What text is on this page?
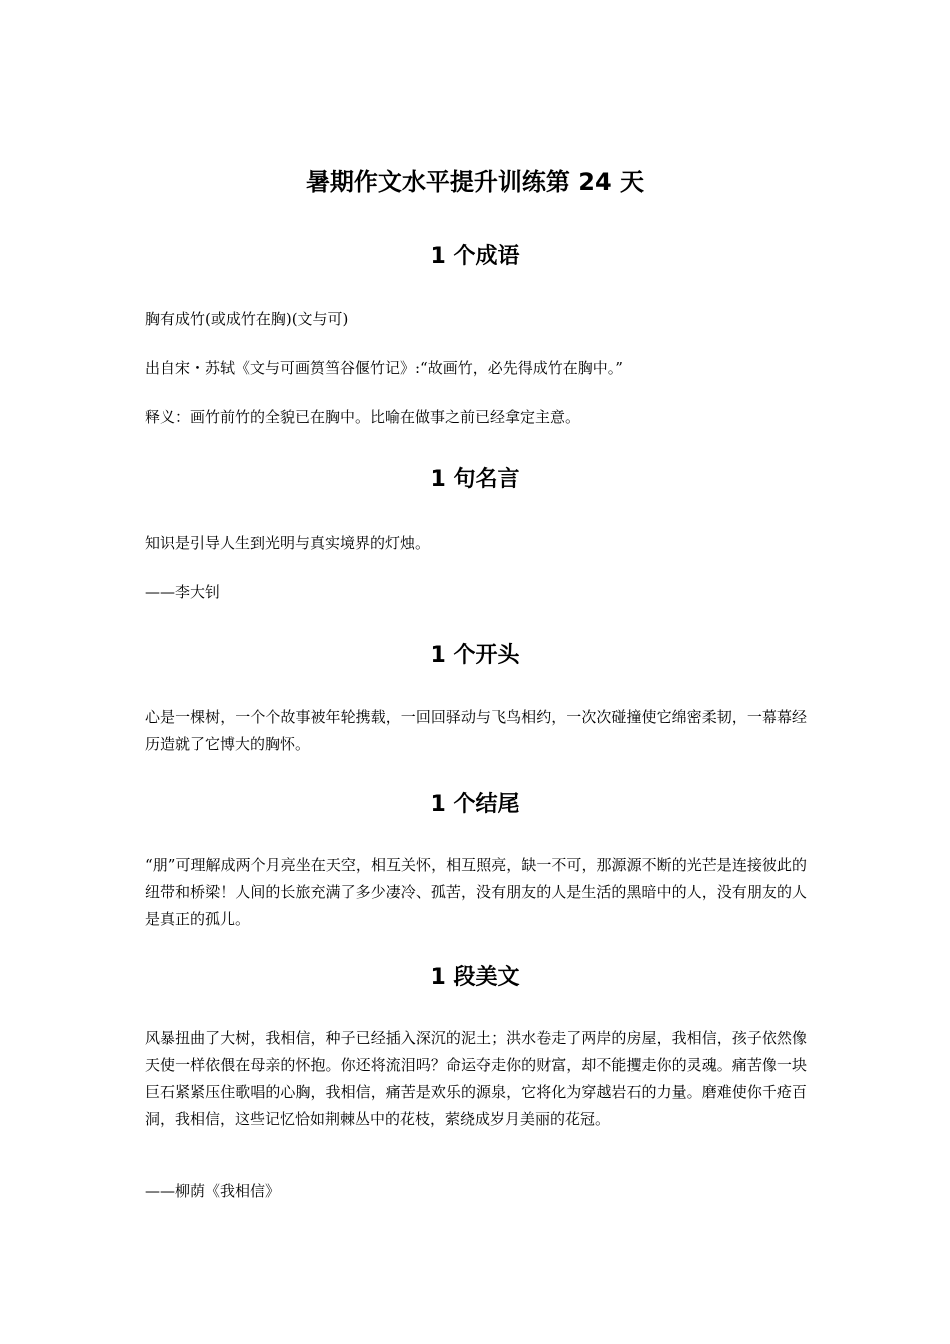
暑期作文水平提升训练第 24 天
1 个成语

胸有成竹(或成竹在胸)(文与可)

出自宋・苏轼《文与可画筼筜谷偃竹记》:“故画竹，必先得成竹在胸中。”

释义：画竹前竹的全貌已在胸中。比喻在做事之前已经拿定主意。

1 句名言

知识是引导人生到光明与真实境界的灯烛。

——李大钊

1 个开头

心是一棵树，一个个故事被年轮携载，一回回驿动与飞鸟相约，一次次碰撞使它绵密柔韧，一幕幕经历造就了它博大的胸怀。

1 个结尾

“朋”可理解成两个月亮坐在天空，相互关怀，相互照亮，缺一不可，那源源不断的光芒是连接彼此的纽带和桥梁！人间的长旅充满了多少凄冷、孤苦，没有朋友的人是生活的黑暗中的人，没有朋友的人是真正的孤儿。

1 段美文

风暴扭曲了大树，我相信，种子已经插入深沉的泥土；洪水卷走了两岸的房屋，我相信，孩子依然像天使一样依偎在母亲的怀抱。你还将流泪吗？命运夺走你的财富，却不能攫走你的灵魂。痛苦像一块巨石紧紧压住歌唱的心胸，我相信，痛苦是欢乐的源泉，它将化为穿越岩石的力量。磨难使你千疮百洞，我相信，这些记忆恰如荆棘丛中的花枝，萦绕成岁月美丽的花冠。

——柳荫《我相信》
